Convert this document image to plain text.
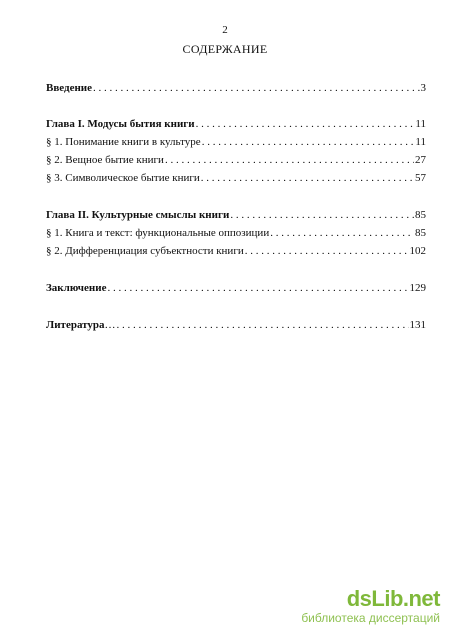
2
СОДЕРЖАНИЕ
Введение . . .	3
Глава I. Модусы бытия книги . . .	11
§ 1. Понимание книги в культуре . . .	11
§ 2. Вещное бытие книги . . .	27
§ 3. Символическое бытие книги . . .	57
Глава II. Культурные смыслы книги . . .	85
§ 1. Книга и текст: функциональные оппозиции . . .	85
§ 2. Дифференциация субъектности книги . . .	102
Заключение . . .	129
Литература … . . .	131
dsLib.net
библиотека диссертаций
